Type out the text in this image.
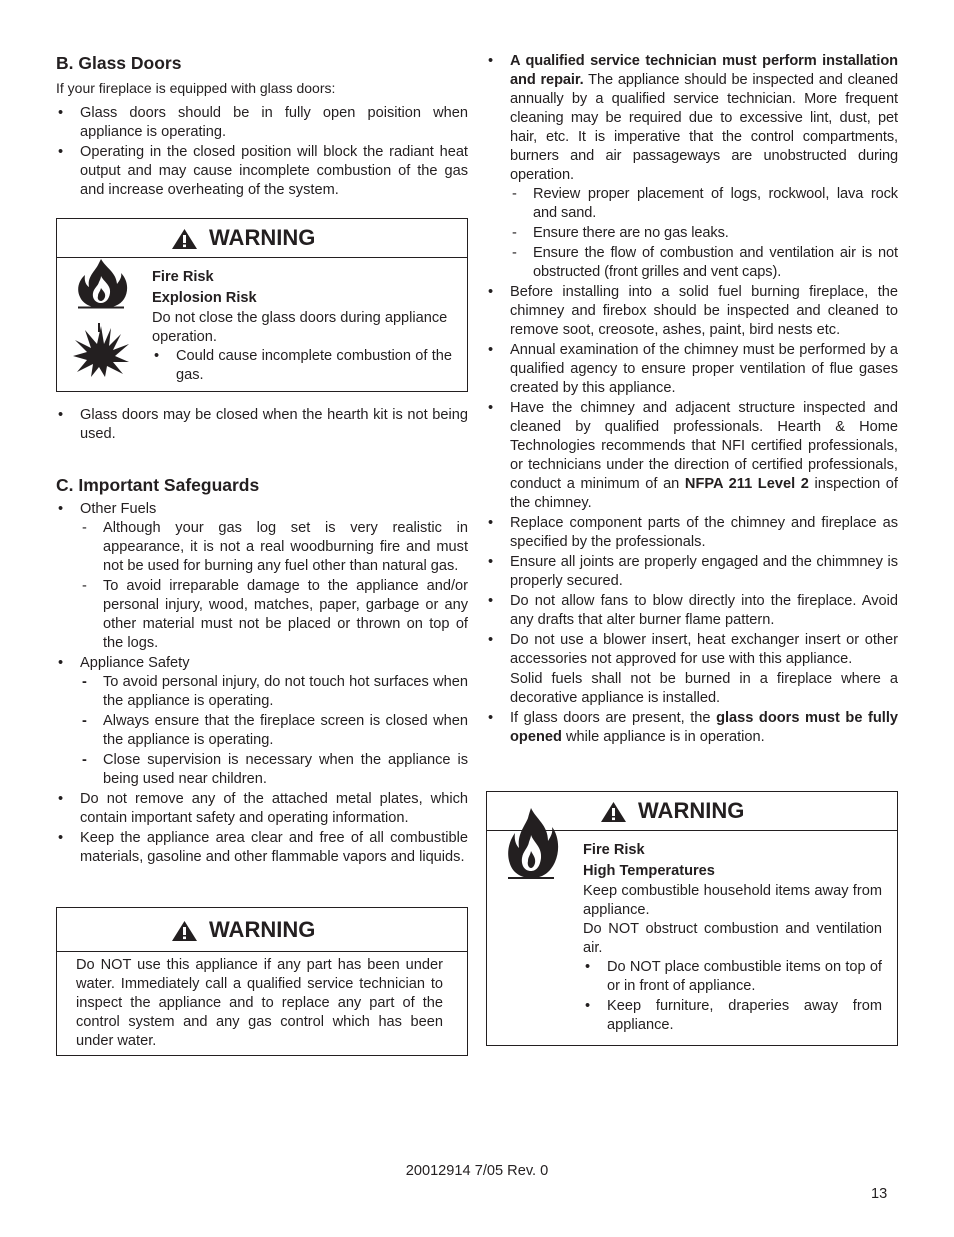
B. Glass Doors

If your fireplace is equipped with glass doors:

• Glass doors should be in fully open poisition when appliance is operating.
• Operating in the closed position will block the radiant heat output and may cause incomplete combustion of the gas and increase overheating of the system.
WARNING
Fire Risk
Explosion Risk

Do not close the glass doors during appliance operation.

• Could cause incomplete combustion of the gas.
• Glass doors may be closed when the hearth kit is not being used.
C. Important Safeguards
• Other Fuels
- Although your gas log set is very realistic in appearance, it is not a real woodburning fire and must not be used for burning any fuel other than natural gas.
- To avoid irreparable damage to the appliance and/or personal injury, wood, matches, paper, garbage or any other material must not be placed or thrown on top of the logs.
• Appliance Safety
- To avoid personal injury, do not touch hot surfaces when the appliance is operating.
- Always ensure that the fireplace screen is closed when the appliance is operating.
- Close supervision is necessary when the appliance is being used near children.
• Do not remove any of the attached metal plates, which contain important safety and operating information.
• Keep the appliance area clear and free of all combustible materials, gasoline and other flammable vapors and liquids.
WARNING

Do NOT use this appliance if any part has been under water. Immediately call a qualified service technician to inspect the appliance and to replace any part of the control system and any gas control which has been under water.

• A qualified service technician must perform installation and repair. The appliance should be inspected and cleaned annually by a qualified service technician. More frequent cleaning may be required due to excessive lint, dust, pet hair, etc. It is imperative that the control compartments, burners and air passageways are unobstructed during operation.
- Review proper placement of logs, rockwool, lava rock and sand.
- Ensure there are no gas leaks.
- Ensure the flow of combustion and ventilation air is not obstructed (front grilles and vent caps).
• Before installing into a solid fuel burning fireplace, the chimney and firebox should be inspected and cleaned to remove soot, creosote, ashes, paint, bird nests etc.
• Annual examination of the chimney must be performed by a qualified agency to ensure proper ventilation of flue gases created by this appliance.
• Have the chimney and adjacent structure inspected and cleaned by qualified professionals. Hearth & Home Technologies recommends that NFI certified professionals, or technicians under the direction of certified professionals, conduct a minimum of an NFPA 211 Level 2 inspection of the chimney.
• Replace component parts of the chimney and fireplace as specified by the professionals.
• Ensure all joints are properly engaged and the chimmney is properly secured.
• Do not allow fans to blow directly into the fireplace. Avoid any drafts that alter burner flame pattern.
• Do not use a blower insert, heat exchanger insert or other accessories not approved for use with this appliance.
Solid fuels shall not be burned in a fireplace where a decorative appliance is installed.
• If glass doors are present, the glass doors must be fully opened while appliance is in operation.
WARNING
Fire Risk
High Temperatures

Keep combustible household items away from appliance.

Do NOT obstruct combustion and ventilation air.

• Do NOT place combustible items on top of or in front of appliance.
• Keep furniture, draperies away from appliance.
20012914 7/05 Rev. 0
13
